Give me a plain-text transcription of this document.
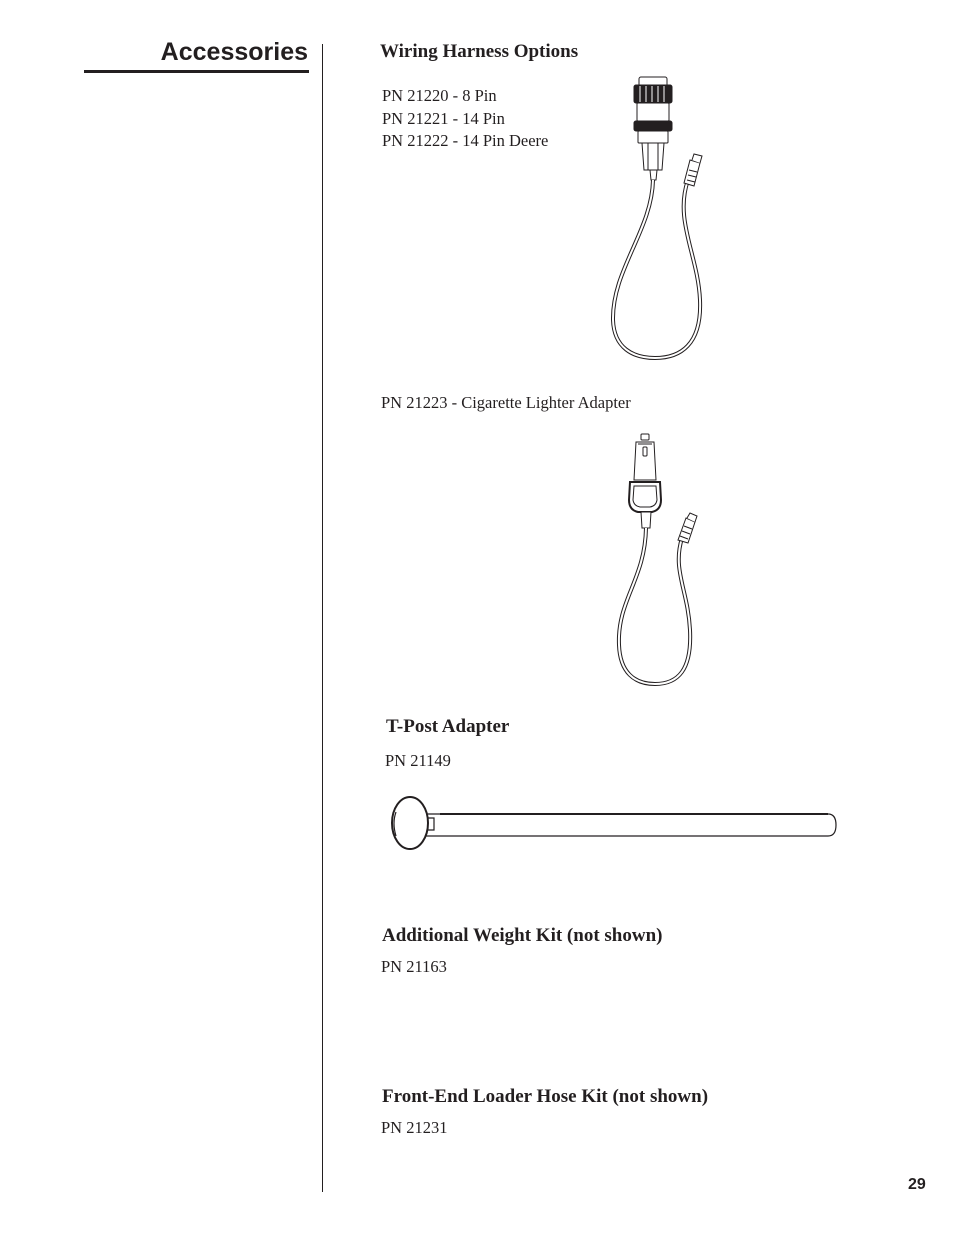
Accessories	Wiring Harness Options
PN 21220 - 8 Pin
PN 21221 - 14 Pin
PN 21222 - 14 Pin Deere
PN 21223 - Cigarette Lighter Adapter
T-Post Adapter
PN 21149
Additional Weight Kit (not shown)
PN 21163
Front-End Loader Hose Kit (not shown)
PN 21231
29
